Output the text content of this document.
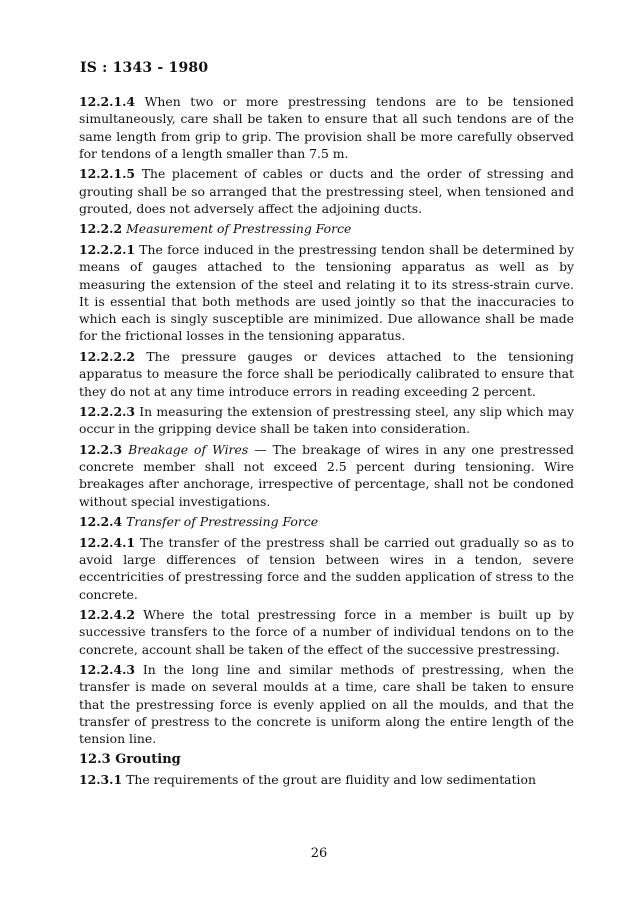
IS : 1343 - 1980

12.2.1.4 When two or more prestressing tendons are to be tensioned simultaneously, care shall be taken to ensure that all such tendons are of the same length from grip to grip. The provision shall be more carefully observed for tendons of a length smaller than 7.5 m.

12.2.1.5 The placement of cables or ducts and the order of stressing and grouting shall be so arranged that the prestressing steel, when tensioned and grouted, does not adversely affect the adjoining ducts.

12.2.2 Measurement of Prestressing Force

12.2.2.1 The force induced in the prestressing tendon shall be determined by means of gauges attached to the tensioning apparatus as well as by measuring the extension of the steel and relating it to its stress-strain curve. It is essential that both methods are used jointly so that the inaccuracies to which each is singly susceptible are minimized. Due allowance shall be made for the frictional losses in the tensioning apparatus.

12.2.2.2 The pressure gauges or devices attached to the tensioning apparatus to measure the force shall be periodically calibrated to ensure that they do not at any time introduce errors in reading exceeding 2 percent.

12.2.2.3 In measuring the extension of prestressing steel, any slip which may occur in the gripping device shall be taken into consideration.

12.2.3 Breakage of Wires — The breakage of wires in any one prestressed concrete member shall not exceed 2.5 percent during tensioning. Wire breakages after anchorage, irrespective of percentage, shall not be condoned without special investigations.

12.2.4 Transfer of Prestressing Force

12.2.4.1 The transfer of the prestress shall be carried out gradually so as to avoid large differences of tension between wires in a tendon, severe eccentricities of prestressing force and the sudden application of stress to the concrete.

12.2.4.2 Where the total prestressing force in a member is built up by successive transfers to the force of a number of individual tendons on to the concrete, account shall be taken of the effect of the successive prestressing.

12.2.4.3 In the long line and similar methods of prestressing, when the transfer is made on several moulds at a time, care shall be taken to ensure that the prestressing force is evenly applied on all the moulds, and that the transfer of prestress to the concrete is uniform along the entire length of the tension line.

12.3 Grouting

12.3.1 The requirements of the grout are fluidity and low sedimentation

26
